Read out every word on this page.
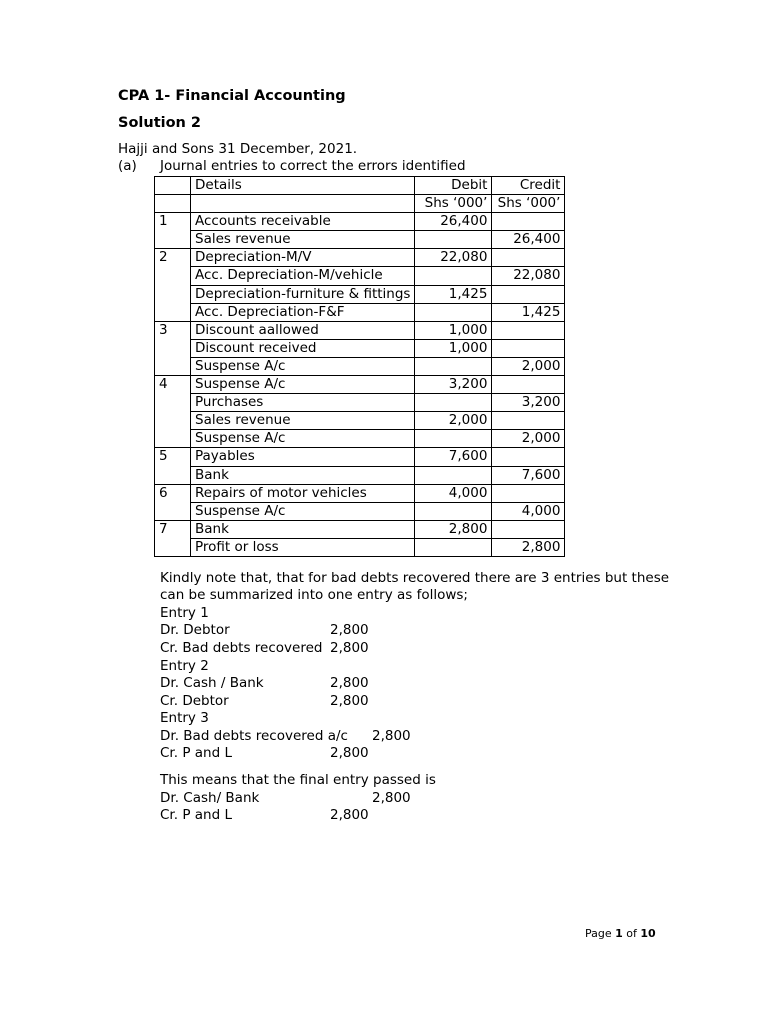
CPA 1- Financial Accounting
Solution 2
Hajji and Sons 31 December, 2021.
(a) Journal entries to correct the errors identified
	Details	Debit	Credit
		Shs ‘000’	Shs ‘000’
1	Accounts receivable	26,400	
	Sales revenue		26,400
2	Depreciation-M/V	22,080	
	Acc. Depreciation-M/vehicle		22,080
	Depreciation-furniture & fittings	1,425	
	Acc. Depreciation-F&F		1,425
3	Discount aallowed	1,000	
	Discount received	1,000	
	Suspense A/c		2,000
4	Suspense A/c	3,200	
	Purchases		3,200
	Sales revenue	2,000	
	Suspense A/c		2,000
5	Payables	7,600	
	Bank		7,600
6	Repairs of motor vehicles	4,000	
	Suspense A/c		4,000
7	Bank	2,800	
	Profit or loss		2,800
Kindly note that, that for bad debts recovered there are 3 entries but these
can be summarized into one entry as follows;
Entry 1
Dr. Debtor	2,800
Cr. Bad debts recovered 2,800
Entry 2
Dr. Cash / Bank	2,800
Cr. Debtor	2,800
Entry 3
Dr. Bad debts recovered a/c 2,800
Cr. P and L	2,800
This means that the final entry passed is
Dr. Cash/ Bank	2,800
Cr. P and L	2,800
Page 1 of 10
